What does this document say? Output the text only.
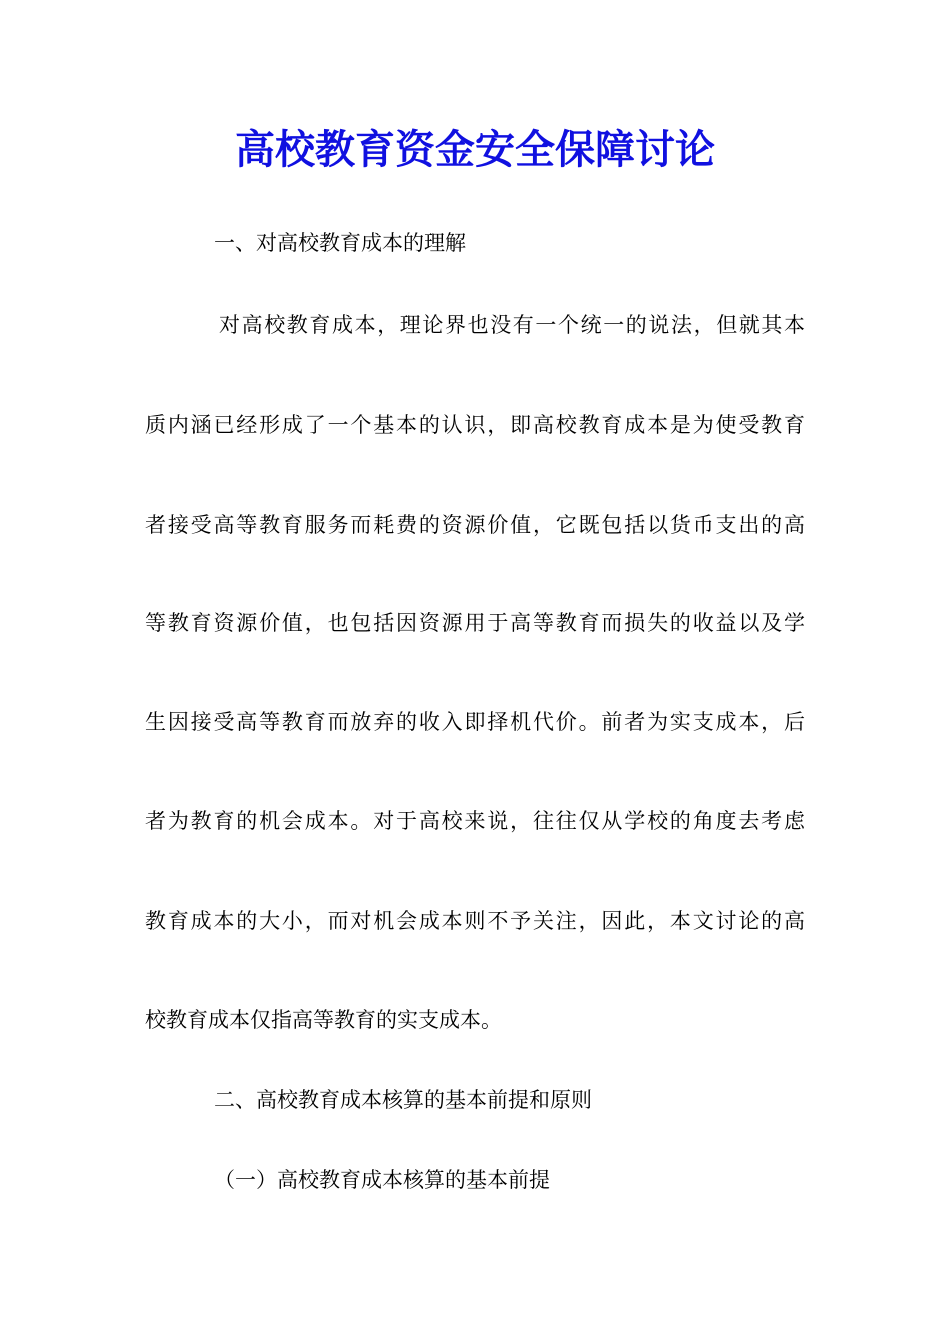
高校教育资金安全保障讨论

一、对高校教育成本的理解

对高校教育成本，理论界也没有一个统一的说法，但就其本

质内涵已经形成了一个基本的认识，即高校教育成本是为使受教育

者接受高等教育服务而耗费的资源价值，它既包括以货币支出的高

等教育资源价值，也包括因资源用于高等教育而损失的收益以及学

生因接受高等教育而放弃的收入即择机代价。前者为实支成本，后

者为教育的机会成本。对于高校来说，往往仅从学校的角度去考虑

教育成本的大小，而对机会成本则不予关注，因此，本文讨论的高

校教育成本仅指高等教育的实支成本。

二、高校教育成本核算的基本前提和原则

（一）高校教育成本核算的基本前提
